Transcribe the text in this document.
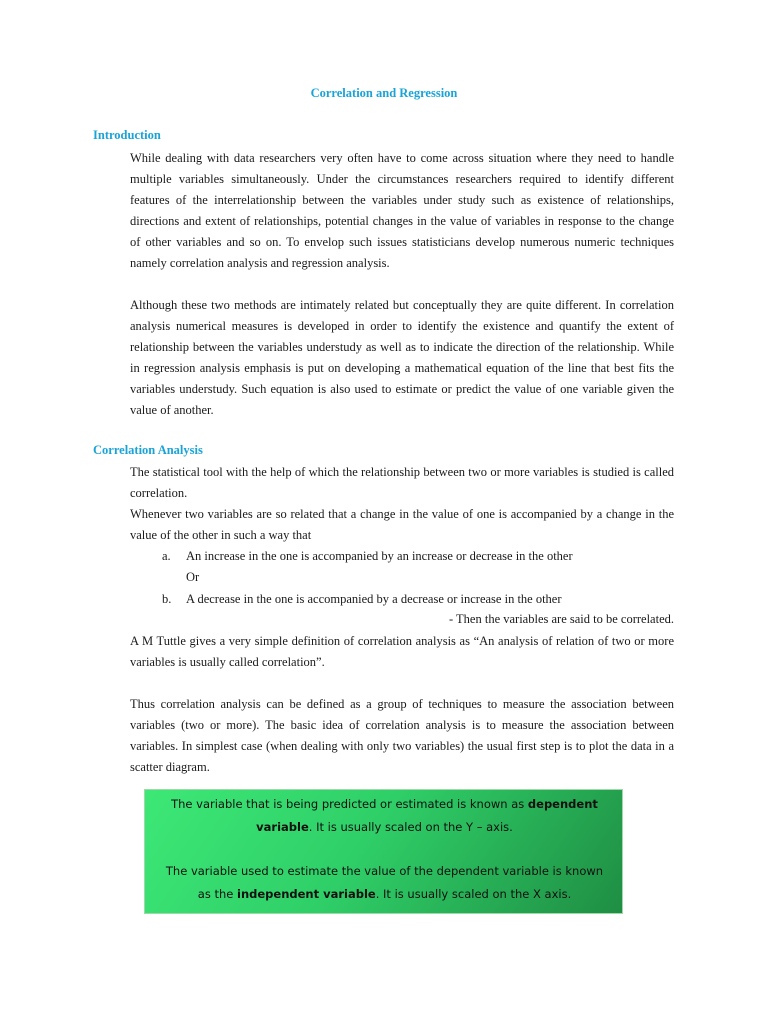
Correlation and Regression
Introduction

While dealing with data researchers very often have to come across situation where they need to handle multiple variables simultaneously. Under the circumstances researchers required to identify different features of the interrelationship between the variables under study such as existence of relationships, directions and extent of relationships, potential changes in the value of variables in response to the change of other variables and so on. To envelop such issues statisticians develop numerous numeric techniques namely correlation analysis and regression analysis.

Although these two methods are intimately related but conceptually they are quite different. In correlation analysis numerical measures is developed in order to identify the existence and quantify the extent of relationship between the variables understudy as well as to indicate the direction of the relationship. While in regression analysis emphasis is put on developing a mathematical equation of the line that best fits the variables understudy. Such equation is also used to estimate or predict the value of one variable given the value of another.

Correlation Analysis

The statistical tool with the help of which the relationship between two or more variables is studied is called correlation.

Whenever two variables are so related that a change in the value of one is accompanied by a change in the value of the other in such a way that

a. An increase in the one is accompanied by an increase or decrease in the other
Or
b. A decrease in the one is accompanied by a decrease or increase in the other
- Then the variables are said to be correlated.

A M Tuttle gives a very simple definition of correlation analysis as “An analysis of relation of two or more variables is usually called correlation”.

Thus correlation analysis can be defined as a group of techniques to measure the association between variables (two or more). The basic idea of correlation analysis is to measure the association between variables. In simplest case (when dealing with only two variables) the usual first step is to plot the data in a scatter diagram.

The variable that is being predicted or estimated is known as dependent variable. It is usually scaled on the Y – axis.

The variable used to estimate the value of the dependent variable is known as the independent variable. It is usually scaled on the X axis.
